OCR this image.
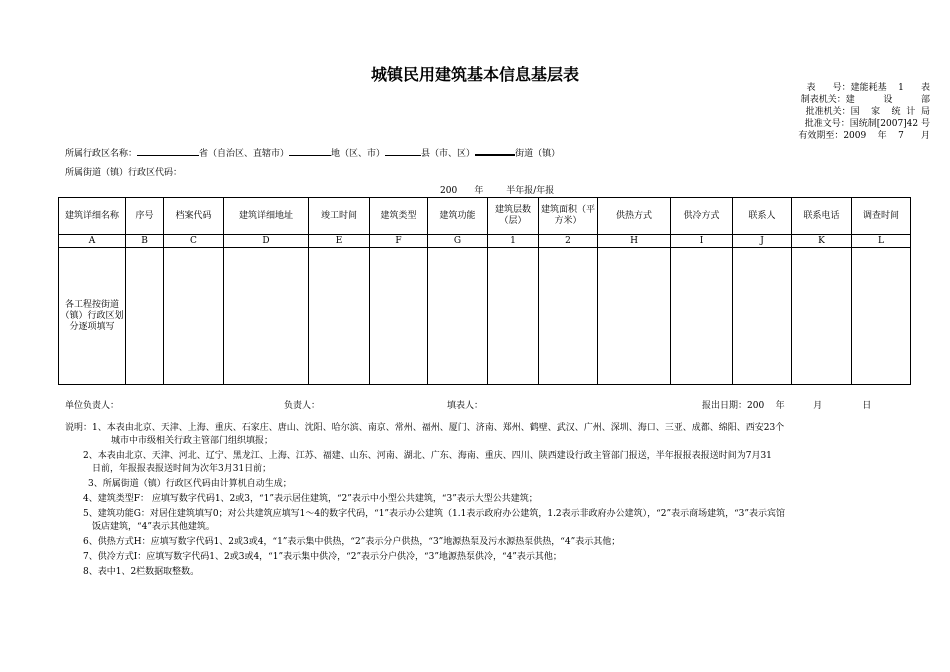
城镇民用建筑基本信息基层表
表      号：建能耗基    1      表
制表机关：建          设          部
批准机关：国    家    统  计  局
批准文号：国统制[2007]42 号
有效期至：2009    年    7      月
所属行政区名称：	省（自治区、直辖市）	地（区、市）	县（市、区）	街道（镇）
所属街道（镇）行政区代码：
200      年        半年报/年报
建筑详细名称	序号	档案代码	建筑详细地址	竣工时间	建筑类型	建筑功能	建筑层数（层）	建筑面积（平方米）	供热方式	供冷方式	联系人	联系电话	调查时间
A	B	C	D	E	F	G	1	2	H	I	J	K	L
各工程按街道（镇）行政区划分逐项填写													
单位负责人：	负责人：	填表人：	报出日期：200    年          月              日

说明：1、本表由北京、天津、上海、重庆、石家庄、唐山、沈阳、哈尔滨、南京、常州、福州、厦门、济南、郑州、鹤壁、武汉、广州、深圳、海口、三亚、成都、绵阳、西安23个

城市中市级相关行政主管部门组织填报；

2、本表由北京、天津、河北、辽宁、黑龙江、上海、江苏、福建、山东、河南、湖北、广东、海南、重庆、四川、陕西建设行政主管部门报送，半年报报表报送时间为7月31

日前，年报报表报送时间为次年3月31日前；

3、所属街道（镇）行政区代码由计算机自动生成；

4、建筑类型F： 应填写数字代码1、2或3，“1”表示居住建筑，“2”表示中小型公共建筑，“3”表示大型公共建筑；

5、建筑功能G：对居住建筑填写0；对公共建筑应填写1～4的数字代码，“1”表示办公建筑（1.1表示政府办公建筑，1.2表示非政府办公建筑），“2”表示商场建筑，“3”表示宾馆

饭店建筑，“4”表示其他建筑。

6、供热方式H：应填写数字代码1、2或3或4，“1”表示集中供热，“2”表示分户供热，“3”地源热泵及污水源热泵供热，“4”表示其他；

7、供冷方式I：应填写数字代码1、2或3或4，“1”表示集中供冷，“2”表示分户供冷，“3”地源热泵供冷，“4”表示其他；

8、表中1、2栏数据取整数。
